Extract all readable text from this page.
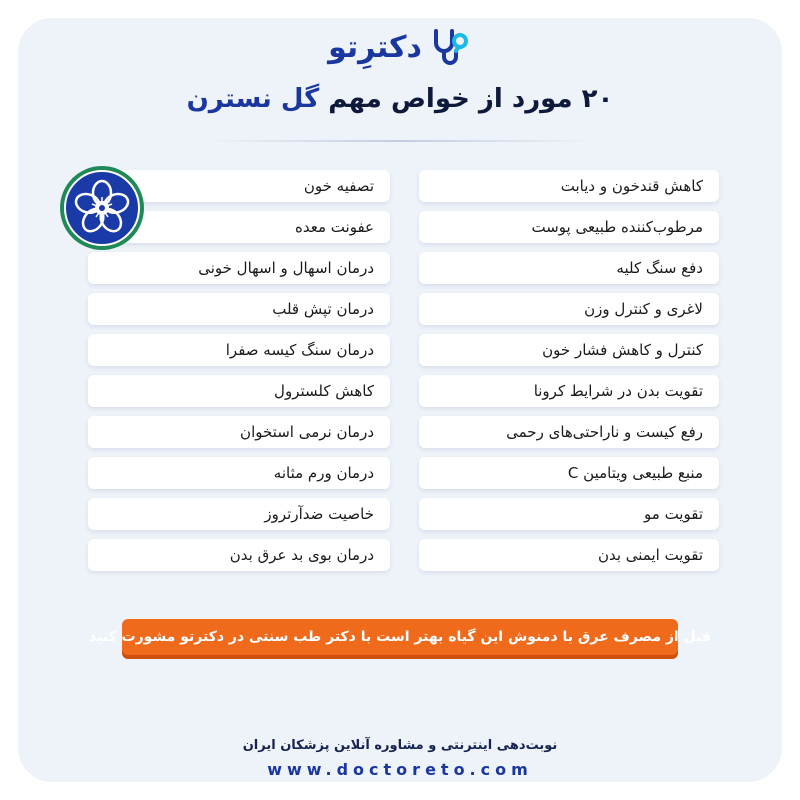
دکترِتو
۲۰ مورد از خواص مهم گل نسترن
کاهش قندخون و دیابت
مرطوب‌کننده طبیعی پوست
دفع سنگ کلیه
لاغری و کنترل وزن
کنترل و کاهش فشار خون
تقویت بدن در شرایط کرونا
رفع کیست و ناراحتی‌های رحمی
منبع طبیعی ویتامین C
تقویت مو
تقویت ایمنی بدن
تصفیه خون
عفونت معده
درمان اسهال و اسهال خونی
درمان تپش قلب
درمان سنگ کیسه صفرا
کاهش کلسترول
درمان نرمی استخوان
درمان ورم مثانه
خاصیت ضدآرتروز
درمان بوی بد عرق بدن
قبل از مصرف عرق یا دمنوش این گیاه بهتر است با دکتر طب سنتی در دکترتو مشورت کنید
نوبت‌دهی اینترنتی و مشاوره آنلاین پزشکان ایران
www.doctoreto.com
